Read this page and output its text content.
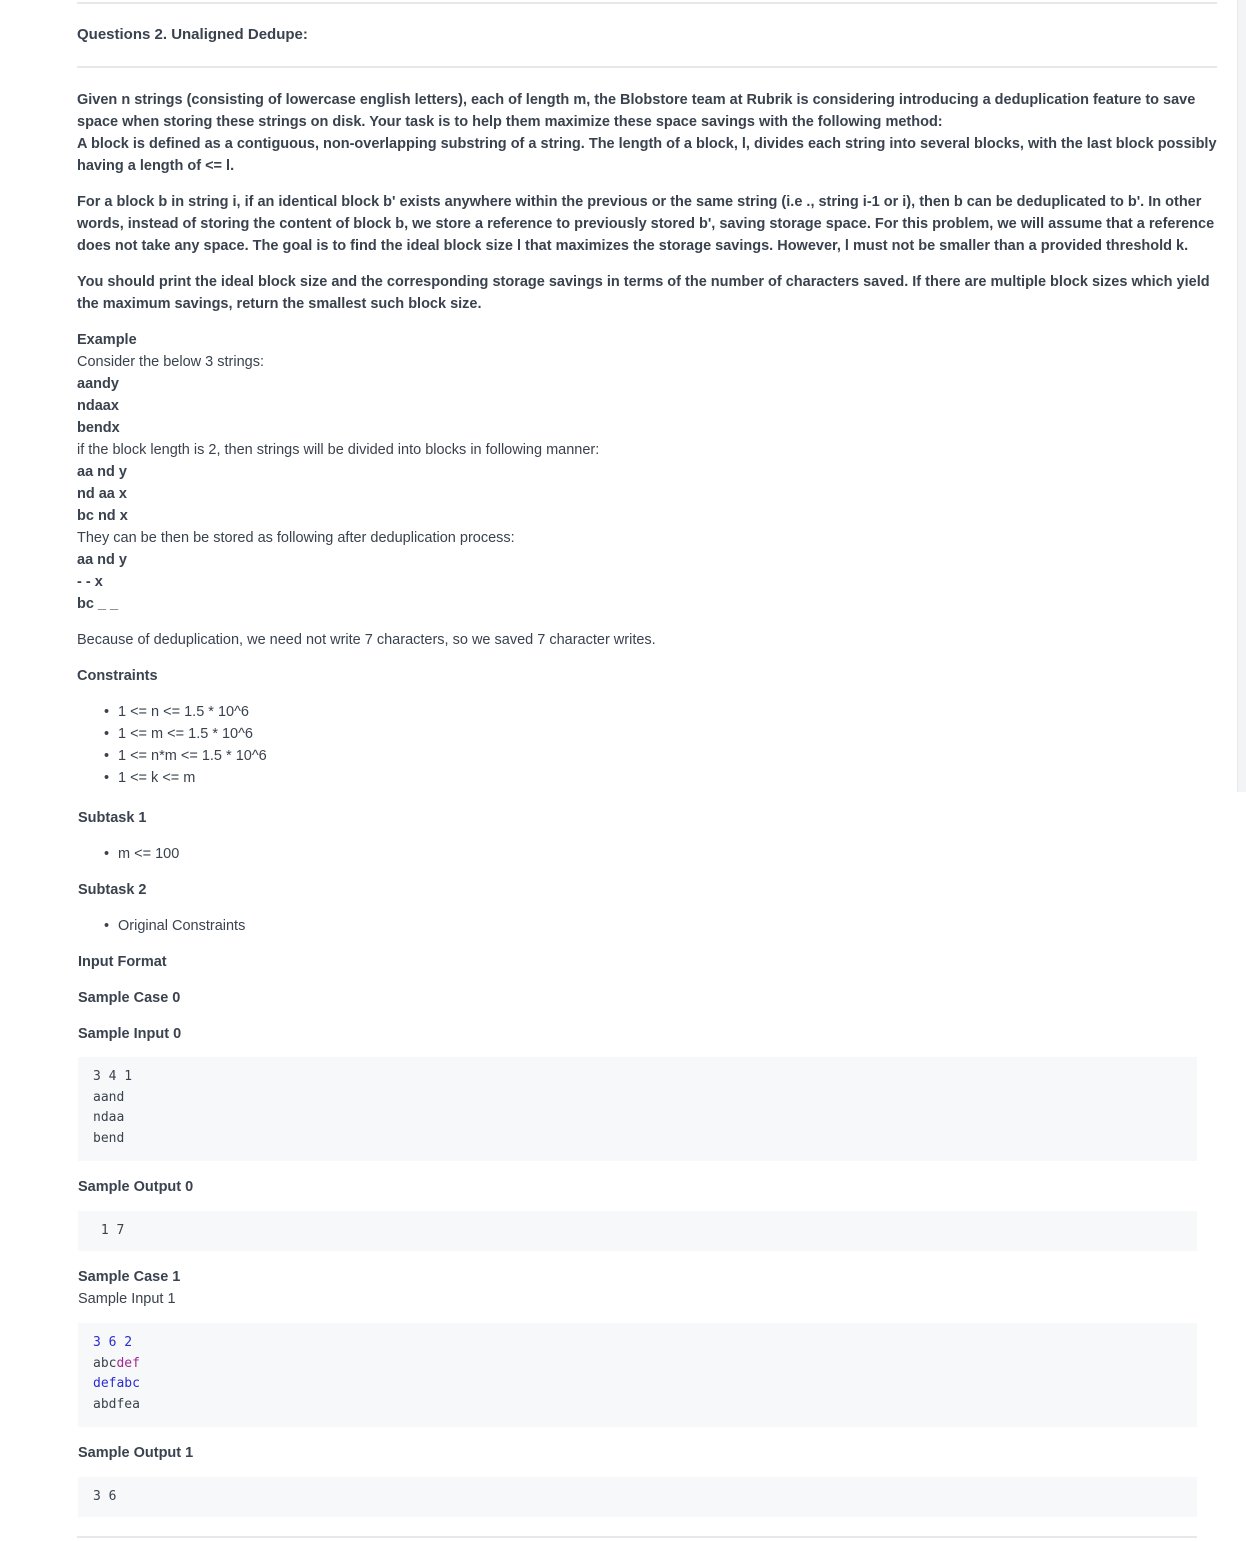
Questions 2. Unaligned Dedupe:
Given n strings (consisting of lowercase english letters), each of length m, the Blobstore team at Rubrik is considering introducing a deduplication feature to save
space when storing these strings on disk. Your task is to help them maximize these space savings with the following method:
A block is defined as a contiguous, non-overlapping substring of a string. The length of a block, l, divides each string into several blocks, with the last block possibly
having a length of <= l.
For a block b in string i, if an identical block b' exists anywhere within the previous or the same string (i.e ., string i-1 or i), then b can be deduplicated to b'. In other
words, instead of storing the content of block b, we store a reference to previously stored b', saving storage space. For this problem, we will assume that a reference
does not take any space. The goal is to find the ideal block size l that maximizes the storage savings. However, l must not be smaller than a provided threshold k.
You should print the ideal block size and the corresponding storage savings in terms of the number of characters saved. If there are multiple block sizes which yield
the maximum savings, return the smallest such block size.
Example
Consider the below 3 strings:
aandy
ndaax
bendx
if the block length is 2, then strings will be divided into blocks in following manner:
aa nd y
nd aa x
bc nd x
They can be then be stored as following after deduplication process:
aa nd y
- - x
bc _ _
Because of deduplication, we need not write 7 characters, so we saved 7 character writes.
Constraints
• 1 <= n <= 1.5 * 10^6
• 1 <= m <= 1.5 * 10^6
• 1 <= n*m <= 1.5 * 10^6
• 1 <= k <= m
Subtask 1
• m <= 100
Subtask 2
• Original Constraints
Input Format
Sample Case 0
Sample Input 0
3 4 1
aand
ndaa
bend
Sample Output 0
1 7
Sample Case 1
Sample Input 1
3 6 2
abcdef
defabc
abdfea
Sample Output 1
3 6
